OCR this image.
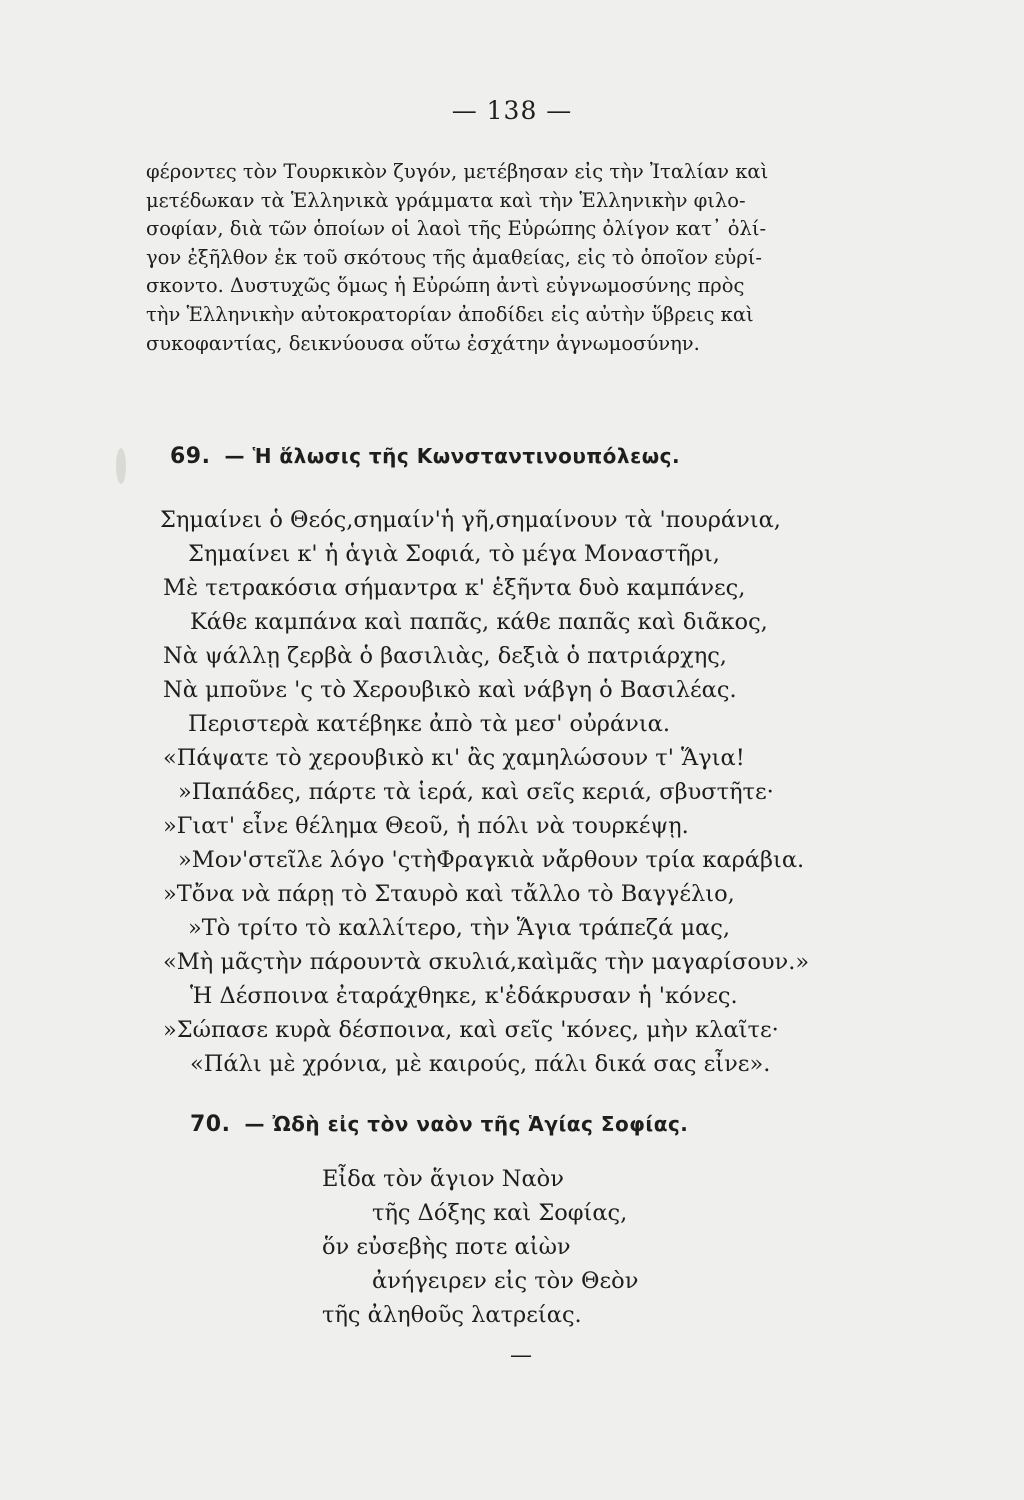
— 138 —
φέροντες τὸν Τουρκικὸν ζυγόν, μετέβησαν εἰς τὴν Ἰταλίαν καὶ
μετέδωκαν τὰ Ἑλληνικὰ γράμματα καὶ τὴν Ἑλληνικὴν φιλο-
σοφίαν, διὰ τῶν ὁποίων οἱ λαοὶ τῆς Εὐρώπης ὀλίγον κατ᾽ ὀλί-
γον ἐξῆλθον ἐκ τοῦ σκότους τῆς ἀμαθείας, εἰς τὸ ὁποῖον εὑρί-
σκοντο. Δυστυχῶς ὅμως ἡ Εὐρώπη ἀντὶ εὐγνωμοσύνης πρὸς
τὴν Ἑλληνικὴν αὐτοκρατορίαν ἀποδίδει εἰς αὐτὴν ὕβρεις καὶ
συκοφαντίας, δεικνύουσα οὕτω ἐσχάτην ἀγνωμοσύνην.
69. — Ἡ ἅλωσις τῆς Κωνσταντινουπόλεως.
Σημαίνει ὁ Θεός,σημαίν'ἡ γῆ,σημαίνουν τὰ 'πουράνια,
Σημαίνει κ' ἡ ἁγιὰ Σοφιά, τὸ μέγα Μοναστῆρι,
Μὲ τετρακόσια σήμαντρα κ' ἑξῆντα δυὸ καμπάνες,
Κάθε καμπάνα καὶ παπᾶς, κάθε παπᾶς καὶ διᾶκος,
Νὰ ψάλλῃ ζερβὰ ὁ βασιλιὰς, δεξιὰ ὁ πατριάρχης,
Νὰ μποῦνε 'ς τὸ Χερουβικὸ καὶ νάβγη ὁ Βασιλέας.
Περιστερὰ κατέβηκε ἀπὸ τὰ μεσ' οὐράνια.
«Πάψατε τὸ χερουβικὸ κι' ἂς χαμηλώσουν τ' Ἅγια!
»Παπάδες, πάρτε τὰ ἱερά, καὶ σεῖς κεριά, σβυστῆτε·
»Γιατ' εἶνε θέλημα Θεοῦ, ἡ πόλι νὰ τουρκέψῃ.
»Μον'στεῖλε λόγο 'ςτὴΦραγκιὰ νἄρθουν τρία καράβια.
»Τὄνα νὰ πάρῃ τὸ Σταυρὸ καὶ τἄλλο τὸ Βαγγέλιο,
»Τὸ τρίτο τὸ καλλίτερο, τὴν Ἅγια τράπεζά μας,
«Μὴ μᾶςτὴν πάρουντὰ σκυλιά,καὶμᾶς τὴν μαγαρίσουν.»
Ἡ Δέσποινα ἐταράχθηκε, κ'ἐδάκρυσαν ἡ 'κόνες.
»Σώπασε κυρὰ δέσποινα, καὶ σεῖς 'κόνες, μὴν κλαῖτε·
«Πάλι μὲ χρόνια, μὲ καιρούς, πάλι δικά σας εἶνε».
70. — Ὠδὴ εἰς τὸν ναὸν τῆς Ἁγίας Σοφίας.
Εἶδα τὸν ἅγιον Ναὸν
τῆς Δόξης καὶ Σοφίας,
ὅν εὐσεβὴς ποτε αἰὼν
ἀνήγειρεν εἰς τὸν Θεὸν
τῆς ἀληθοῦς λατρείας.
—
